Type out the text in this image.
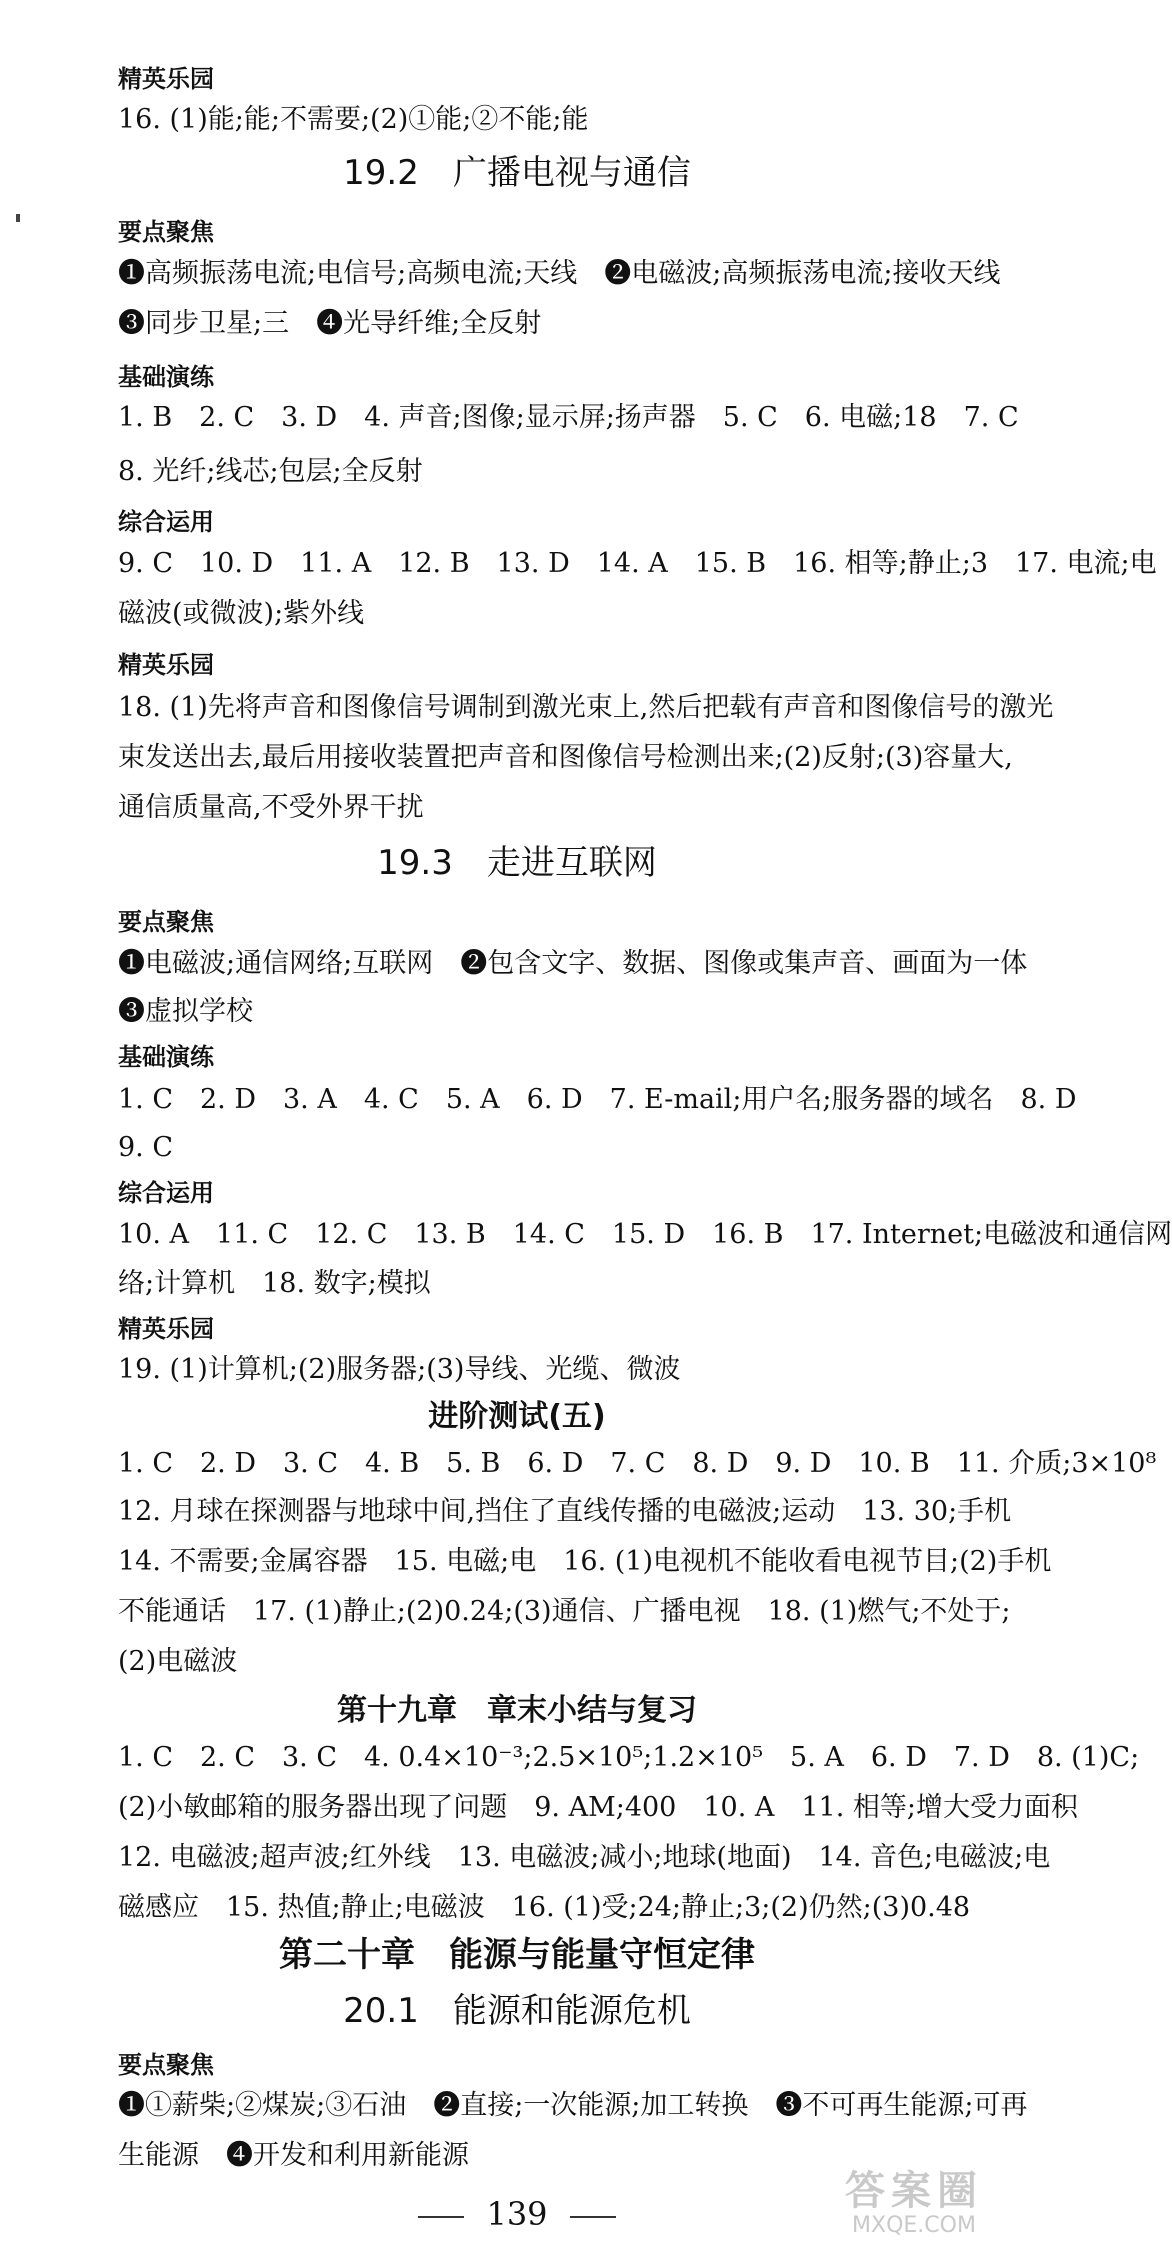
精英乐园
16. (1)能;能;不需要;(2)①能;②不能;能
19.2　广播电视与通信
要点聚焦
❶高频振荡电流;电信号;高频电流;天线　❷电磁波;高频振荡电流;接收天线
❸同步卫星;三　❹光导纤维;全反射
基础演练
1. B　2. C　3. D　4. 声音;图像;显示屏;扬声器　5. C　6. 电磁;18　7. C
8. 光纤;线芯;包层;全反射
综合运用
9. C　10. D　11. A　12. B　13. D　14. A　15. B　16. 相等;静止;3　17. 电流;电
磁波(或微波);紫外线
精英乐园
18. (1)先将声音和图像信号调制到激光束上,然后把载有声音和图像信号的激光
束发送出去,最后用接收装置把声音和图像信号检测出来;(2)反射;(3)容量大,
通信质量高,不受外界干扰
19.3　走进互联网
要点聚焦
❶电磁波;通信网络;互联网　❷包含文字、数据、图像或集声音、画面为一体
❸虚拟学校
基础演练
1. C　2. D　3. A　4. C　5. A　6. D　7. E-mail;用户名;服务器的域名　8. D
9. C
综合运用
10. A　11. C　12. C　13. B　14. C　15. D　16. B　17. Internet;电磁波和通信网
络;计算机　18. 数字;模拟
精英乐园
19. (1)计算机;(2)服务器;(3)导线、光缆、微波
进阶测试(五)
1. C　2. D　3. C　4. B　5. B　6. D　7. C　8. D　9. D　10. B　11. 介质;3×10⁸
12. 月球在探测器与地球中间,挡住了直线传播的电磁波;运动　13. 30;手机
14. 不需要;金属容器　15. 电磁;电　16. (1)电视机不能收看电视节目;(2)手机
不能通话　17. (1)静止;(2)0.24;(3)通信、广播电视　18. (1)燃气;不处于;
(2)电磁波
第十九章　章末小结与复习
1. C　2. C　3. C　4. 0.4×10⁻³;2.5×10⁵;1.2×10⁵　5. A　6. D　7. D　8. (1)C;
(2)小敏邮箱的服务器出现了问题　9. AM;400　10. A　11. 相等;增大受力面积
12. 电磁波;超声波;红外线　13. 电磁波;减小;地球(地面)　14. 音色;电磁波;电
磁感应　15. 热值;静止;电磁波　16. (1)受;24;静止;3;(2)仍然;(3)0.48
第二十章　能源与能量守恒定律
20.1　能源和能源危机
要点聚焦
❶①薪柴;②煤炭;③石油　❷直接;一次能源;加工转换　❸不可再生能源;可再
生能源　❹开发和利用新能源
139	答案圈
MXQE.COM
